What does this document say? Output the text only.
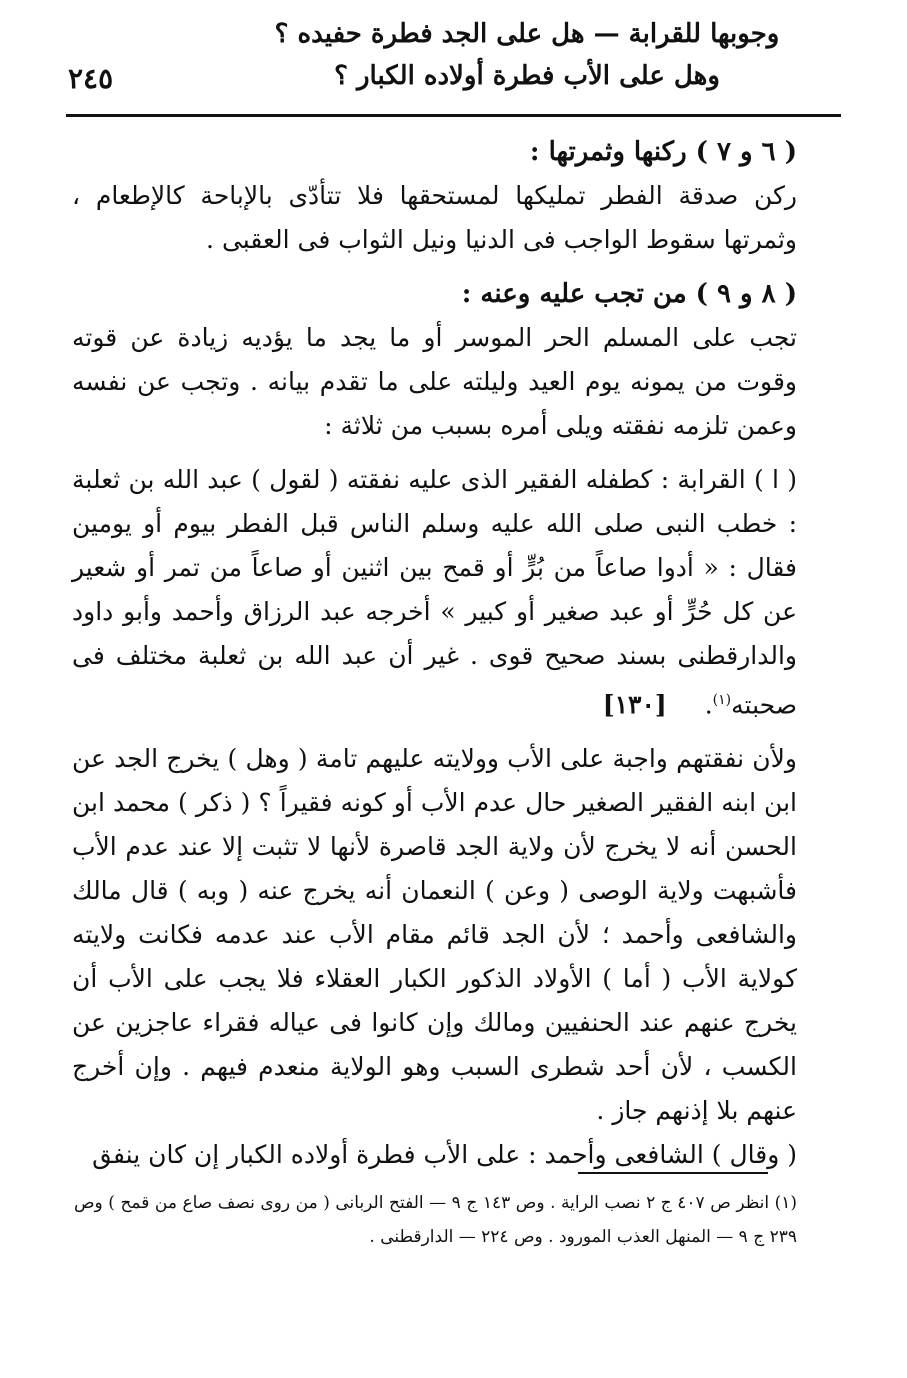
وجوبها للقرابة — هل على الجد فطرة حفيده ؟
وهل على الأب فطرة أولاده الكبار ؟
٢٤٥

( ٦ و ٧ ) ركنها وثمرتها :

ركن صدقة الفطر تمليكها لمستحقها فلا تتأدّى بالإباحة كالإطعام ، وثمرتها سقوط الواجب فى الدنيا ونيل الثواب فى العقبى .

( ٨ و ٩ ) من تجب عليه وعنه :

تجب على المسلم الحر الموسر أو ما يجد ما يؤديه زيادة عن قوته وقوت من يمونه يوم العيد وليلته على ما تقدم بيانه . وتجب عن نفسه وعمن تلزمه نفقته ويلى أمره بسبب من ثلاثة :

( ا ) القرابة : كطفله الفقير الذى عليه نفقته ( لقول ) عبد الله بن ثعلبة : خطب النبى صلى الله عليه وسلم الناس قبل الفطر بيوم أو يومين فقال : « أدوا صاعاً من بُرٍّ أو قمح بين اثنين أو صاعاً من تمر أو شعير عن كل حُرٍّ أو عبد صغير أو كبير » أخرجه عبد الرزاق وأحمد وأبو داود والدارقطنى بسند صحيح قوى . غير أن عبد الله بن ثعلبة مختلف فى صحبته$^{(١)}$. [١٣٠]

ولأن نفقتهم واجبة على الأب وولايته عليهم تامة ( وهل ) يخرج الجد عن ابن ابنه الفقير الصغير حال عدم الأب أو كونه فقيراً ؟ ( ذكر ) محمد ابن الحسن أنه لا يخرج لأن ولاية الجد قاصرة لأنها لا تثبت إلا عند عدم الأب فأشبهت ولاية الوصى ( وعن ) النعمان أنه يخرج عنه ( وبه ) قال مالك والشافعى وأحمد ؛ لأن الجد قائم مقام الأب عند عدمه فكانت ولايته كولاية الأب ( أما ) الأولاد الذكور الكبار العقلاء فلا يجب على الأب أن يخرج عنهم عند الحنفيين ومالك وإن كانوا فى عياله فقراء عاجزين عن الكسب ، لأن أحد شطرى السبب وهو الولاية منعدم فيهم . وإن أخرج عنهم بلا إذنهم جاز .

( وقال ) الشافعى وأحمد : على الأب فطرة أولاده الكبار إن كان ينفق

(١) انظر ص ٤٠٧ ج ٢ نصب الراية . وص ١٤٣ ج ٩ — الفتح الربانى ( من روى نصف صاع من قمح ) وص ٢٣٩ ج ٩ — المنهل العذب المورود . وص ٢٢٤ — الدارقطنى .
